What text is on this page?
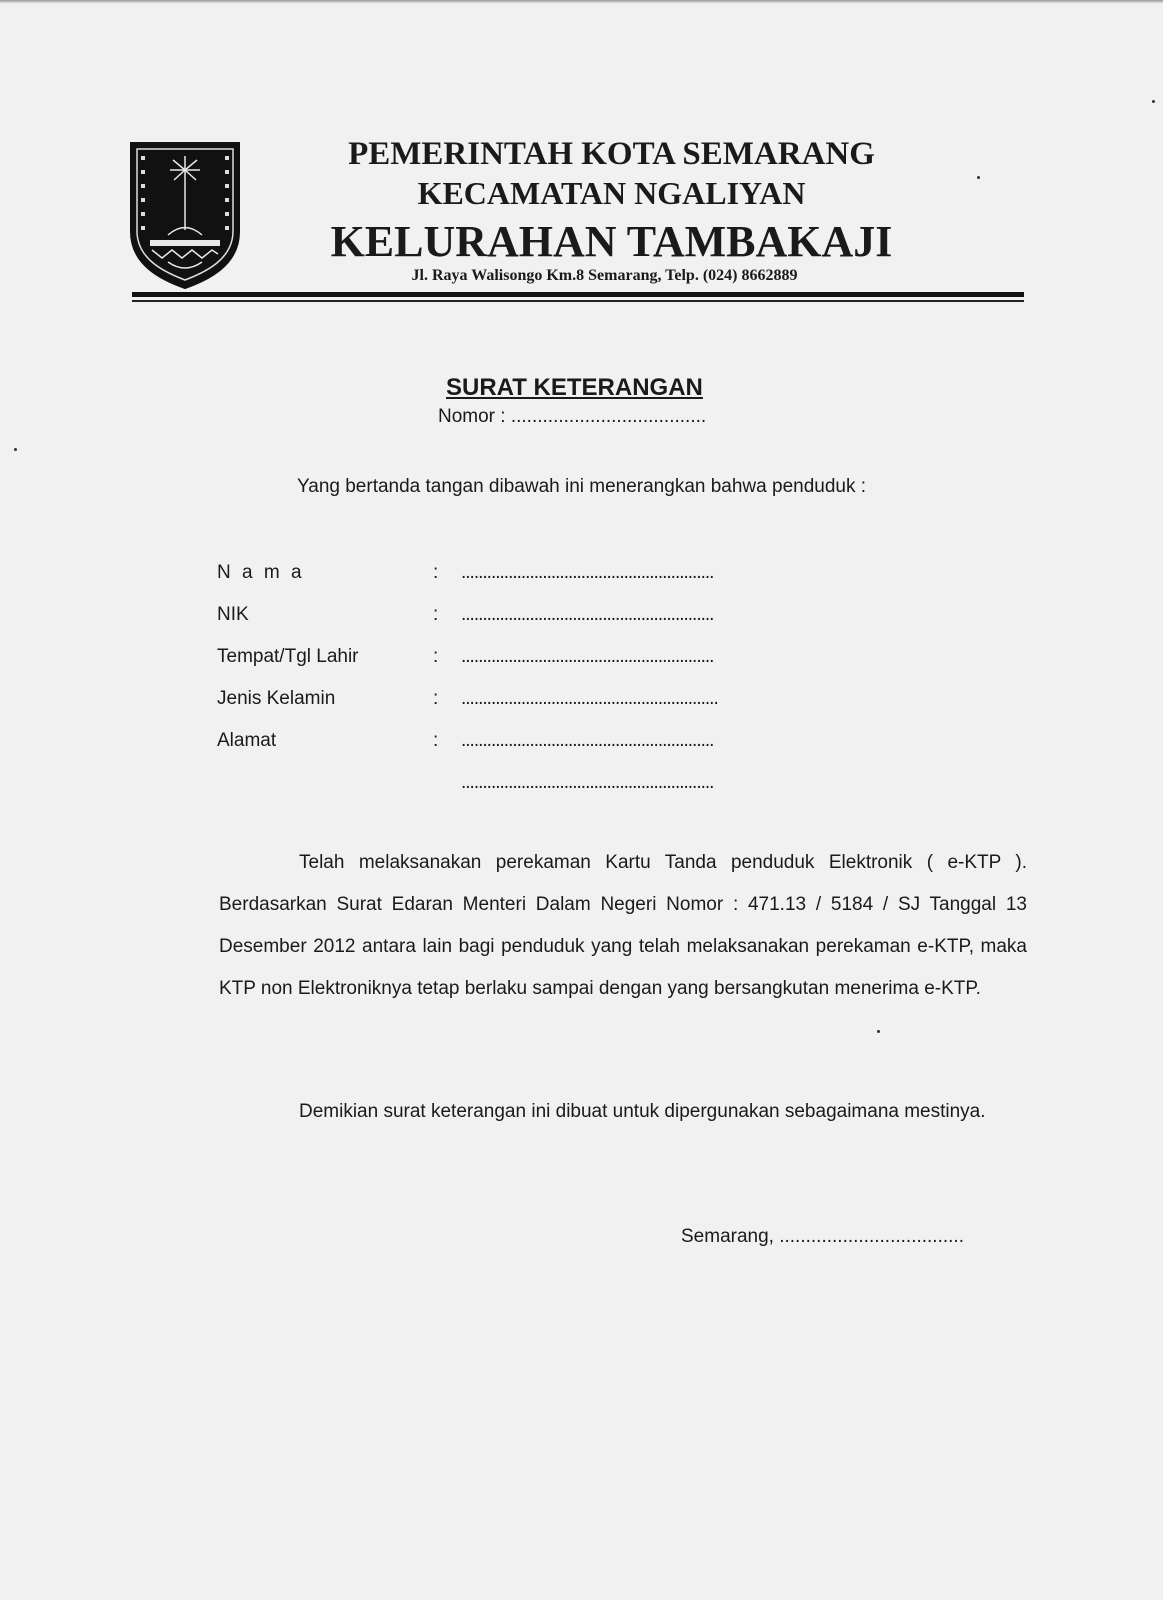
PEMERINTAH KOTA SEMARANG
KECAMATAN NGALIYAN
KELURAHAN TAMBAKAJI
Jl. Raya Walisongo Km.8 Semarang, Telp. (024) 8662889
SURAT KETERANGAN
Nomor : .....................................
Yang bertanda tangan dibawah ini menerangkan bahwa penduduk :
N a m a	: ...........................................................
NIK	: ...........................................................
Tempat/Tgl Lahir	: ...........................................................
Jenis Kelamin	: ............................................................
Alamat	: ...........................................................
...........................................................
Telah melaksanakan perekaman Kartu Tanda penduduk Elektronik ( e-KTP ). Berdasarkan Surat Edaran Menteri Dalam Negeri Nomor : 471.13 / 5184 / SJ Tanggal 13 Desember 2012 antara lain bagi penduduk yang telah melaksanakan perekaman e-KTP, maka KTP non Elektroniknya tetap berlaku sampai dengan yang bersangkutan menerima e-KTP.
Demikian surat keterangan ini dibuat untuk dipergunakan sebagaimana mestinya.
Semarang, ...................................
